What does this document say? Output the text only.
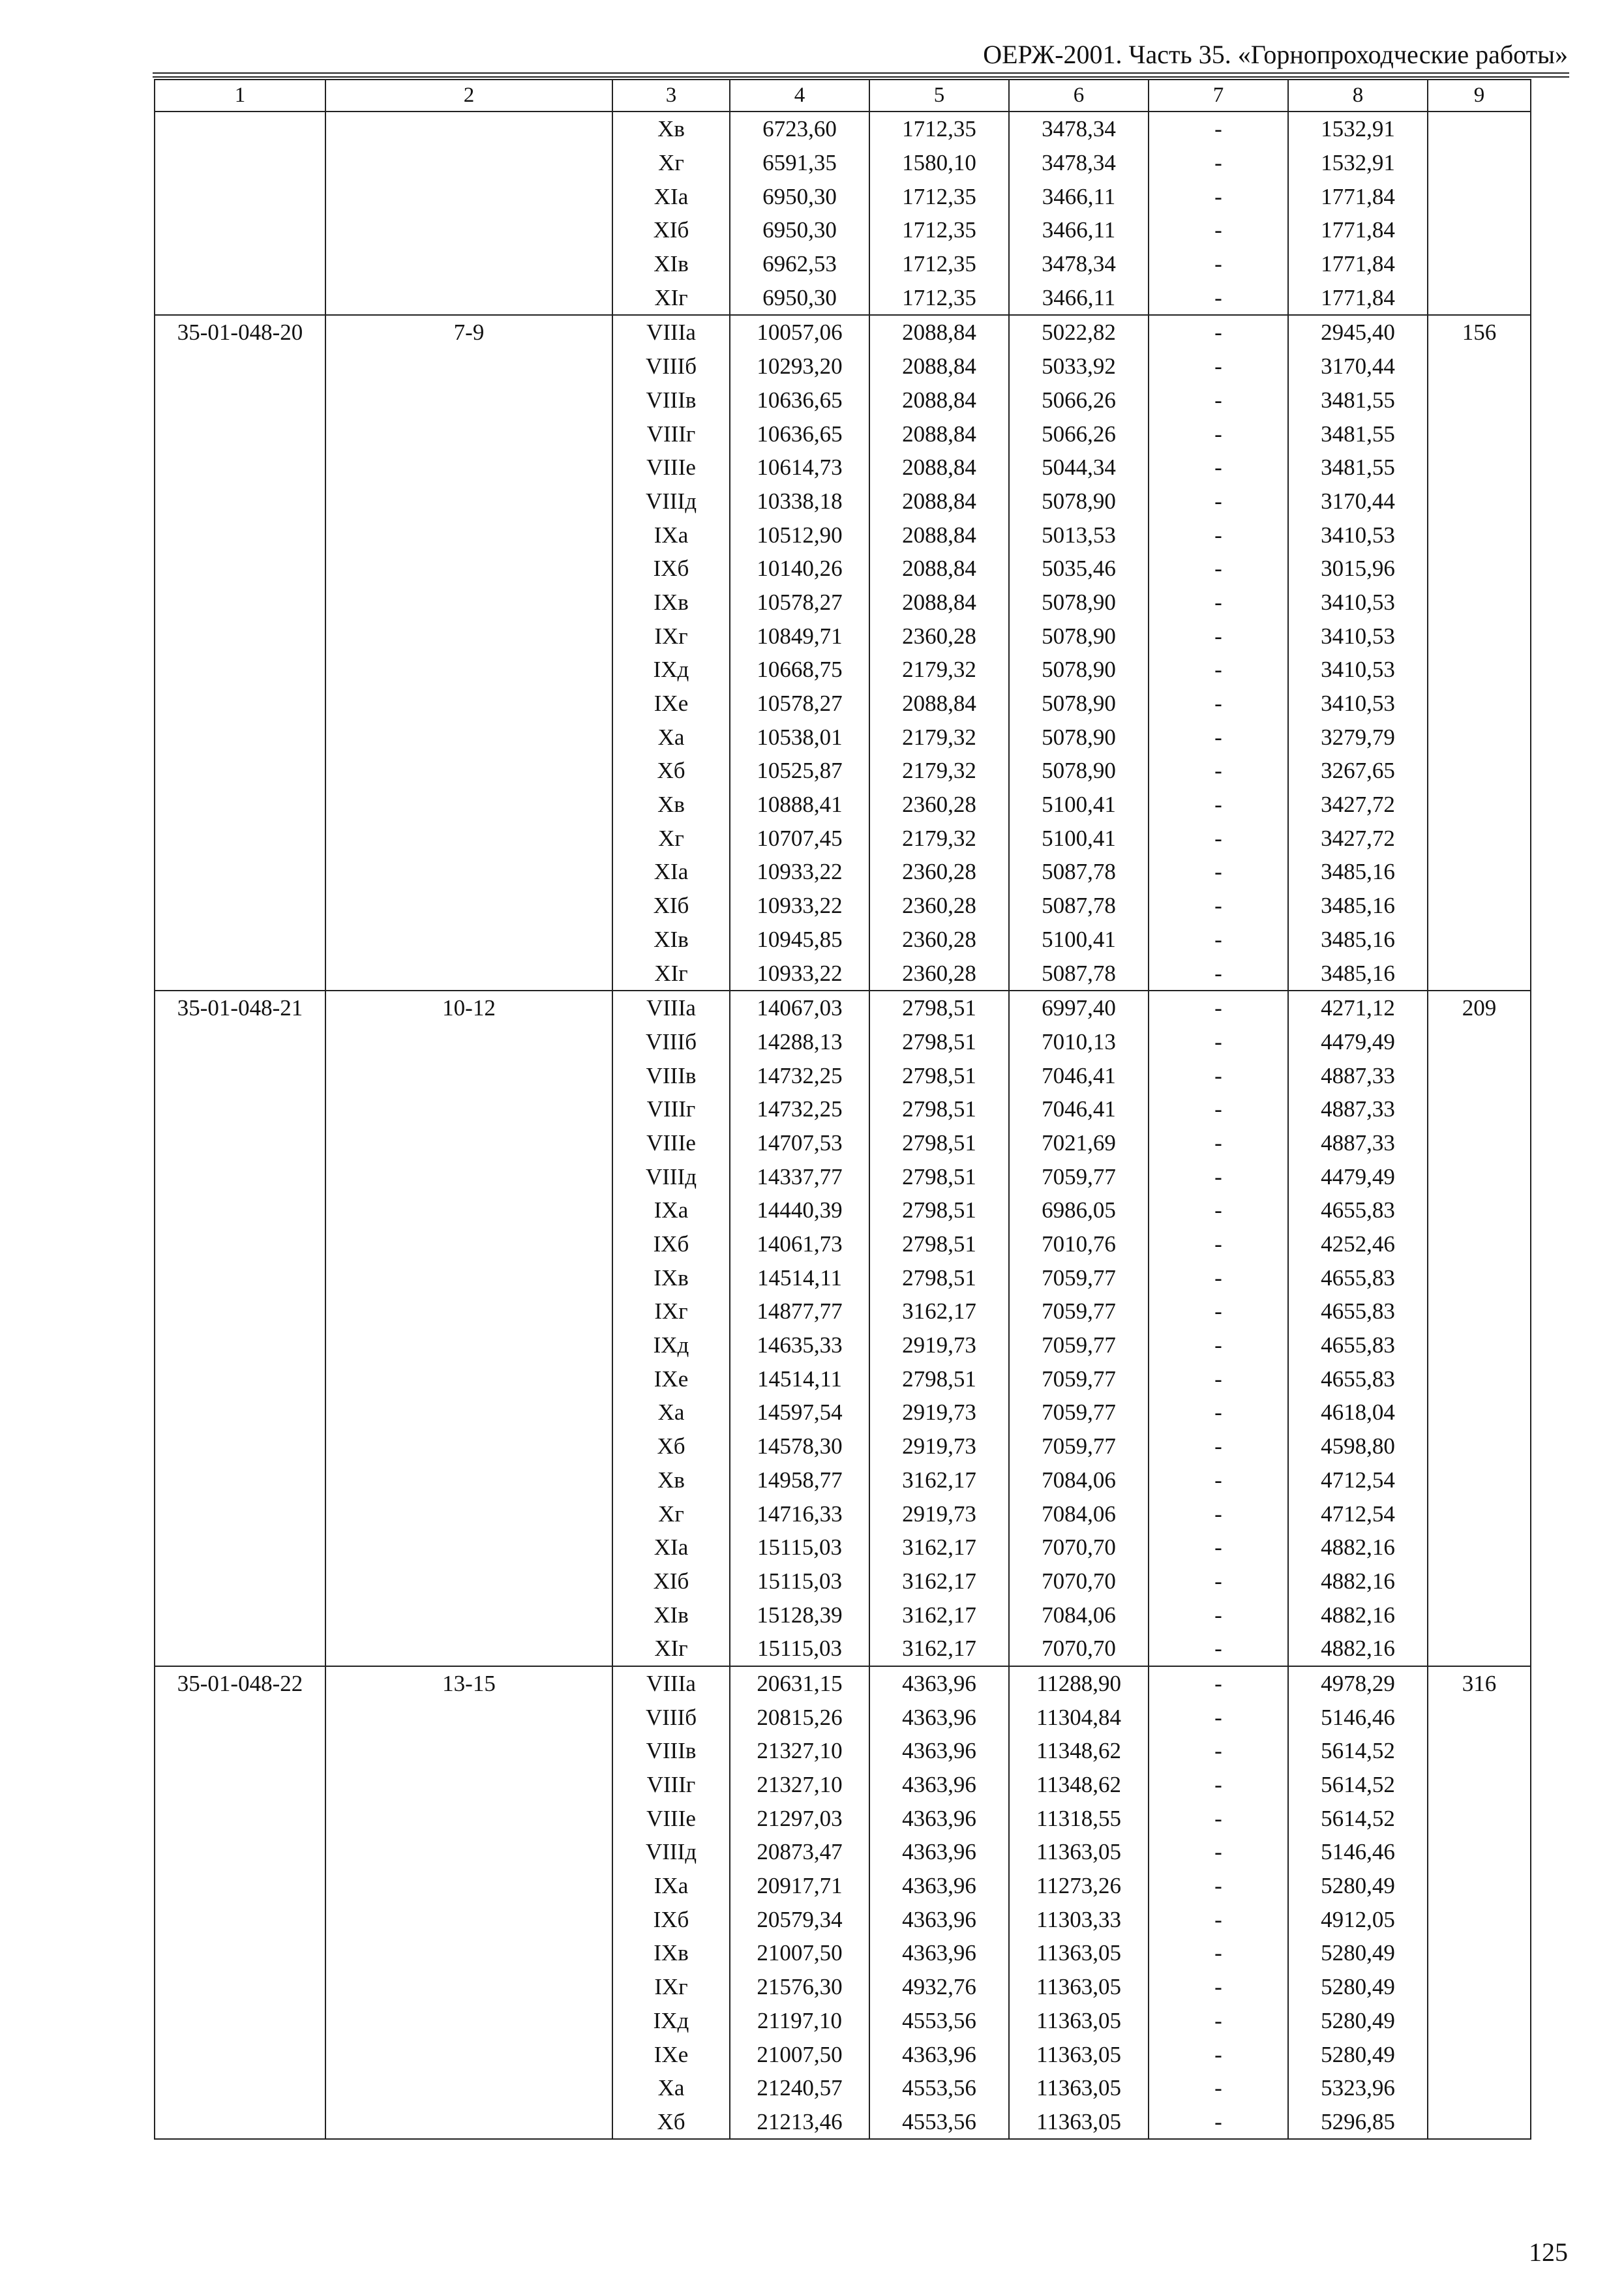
ОЕРЖ-2001. Часть 35. «Горнопроходческие работы»
1	2	3	4	5	6	7	8	9
		Хв	6723,60	1712,35	3478,34	-	1532,91	
		Хг	6591,35	1580,10	3478,34	-	1532,91	
		ХIа	6950,30	1712,35	3466,11	-	1771,84	
		ХIб	6950,30	1712,35	3466,11	-	1771,84	
		ХIв	6962,53	1712,35	3478,34	-	1771,84	
		ХIг	6950,30	1712,35	3466,11	-	1771,84	
35-01-048-20	7-9	VIIIа	10057,06	2088,84	5022,82	-	2945,40	156
		VIIIб	10293,20	2088,84	5033,92	-	3170,44	
		VIIIв	10636,65	2088,84	5066,26	-	3481,55	
		VIIIг	10636,65	2088,84	5066,26	-	3481,55	
		VIIIе	10614,73	2088,84	5044,34	-	3481,55	
		VIIIд	10338,18	2088,84	5078,90	-	3170,44	
		IХа	10512,90	2088,84	5013,53	-	3410,53	
		IХб	10140,26	2088,84	5035,46	-	3015,96	
		IХв	10578,27	2088,84	5078,90	-	3410,53	
		IХг	10849,71	2360,28	5078,90	-	3410,53	
		IХд	10668,75	2179,32	5078,90	-	3410,53	
		IХе	10578,27	2088,84	5078,90	-	3410,53	
		Ха	10538,01	2179,32	5078,90	-	3279,79	
		Хб	10525,87	2179,32	5078,90	-	3267,65	
		Хв	10888,41	2360,28	5100,41	-	3427,72	
		Хг	10707,45	2179,32	5100,41	-	3427,72	
		ХIа	10933,22	2360,28	5087,78	-	3485,16	
		ХIб	10933,22	2360,28	5087,78	-	3485,16	
		ХIв	10945,85	2360,28	5100,41	-	3485,16	
		ХIг	10933,22	2360,28	5087,78	-	3485,16	
35-01-048-21	10-12	VIIIа	14067,03	2798,51	6997,40	-	4271,12	209
		VIIIб	14288,13	2798,51	7010,13	-	4479,49	
		VIIIв	14732,25	2798,51	7046,41	-	4887,33	
		VIIIг	14732,25	2798,51	7046,41	-	4887,33	
		VIIIе	14707,53	2798,51	7021,69	-	4887,33	
		VIIIд	14337,77	2798,51	7059,77	-	4479,49	
		IХа	14440,39	2798,51	6986,05	-	4655,83	
		IХб	14061,73	2798,51	7010,76	-	4252,46	
		IХв	14514,11	2798,51	7059,77	-	4655,83	
		IХг	14877,77	3162,17	7059,77	-	4655,83	
		IХд	14635,33	2919,73	7059,77	-	4655,83	
		IХе	14514,11	2798,51	7059,77	-	4655,83	
		Ха	14597,54	2919,73	7059,77	-	4618,04	
		Хб	14578,30	2919,73	7059,77	-	4598,80	
		Хв	14958,77	3162,17	7084,06	-	4712,54	
		Хг	14716,33	2919,73	7084,06	-	4712,54	
		ХIа	15115,03	3162,17	7070,70	-	4882,16	
		ХIб	15115,03	3162,17	7070,70	-	4882,16	
		ХIв	15128,39	3162,17	7084,06	-	4882,16	
		ХIг	15115,03	3162,17	7070,70	-	4882,16	
35-01-048-22	13-15	VIIIа	20631,15	4363,96	11288,90	-	4978,29	316
		VIIIб	20815,26	4363,96	11304,84	-	5146,46	
		VIIIв	21327,10	4363,96	11348,62	-	5614,52	
		VIIIг	21327,10	4363,96	11348,62	-	5614,52	
		VIIIе	21297,03	4363,96	11318,55	-	5614,52	
		VIIIд	20873,47	4363,96	11363,05	-	5146,46	
		IХа	20917,71	4363,96	11273,26	-	5280,49	
		IХб	20579,34	4363,96	11303,33	-	4912,05	
		IХв	21007,50	4363,96	11363,05	-	5280,49	
		IХг	21576,30	4932,76	11363,05	-	5280,49	
		IХд	21197,10	4553,56	11363,05	-	5280,49	
		IХе	21007,50	4363,96	11363,05	-	5280,49	
		Ха	21240,57	4553,56	11363,05	-	5323,96	
		Хб	21213,46	4553,56	11363,05	-	5296,85	
125
